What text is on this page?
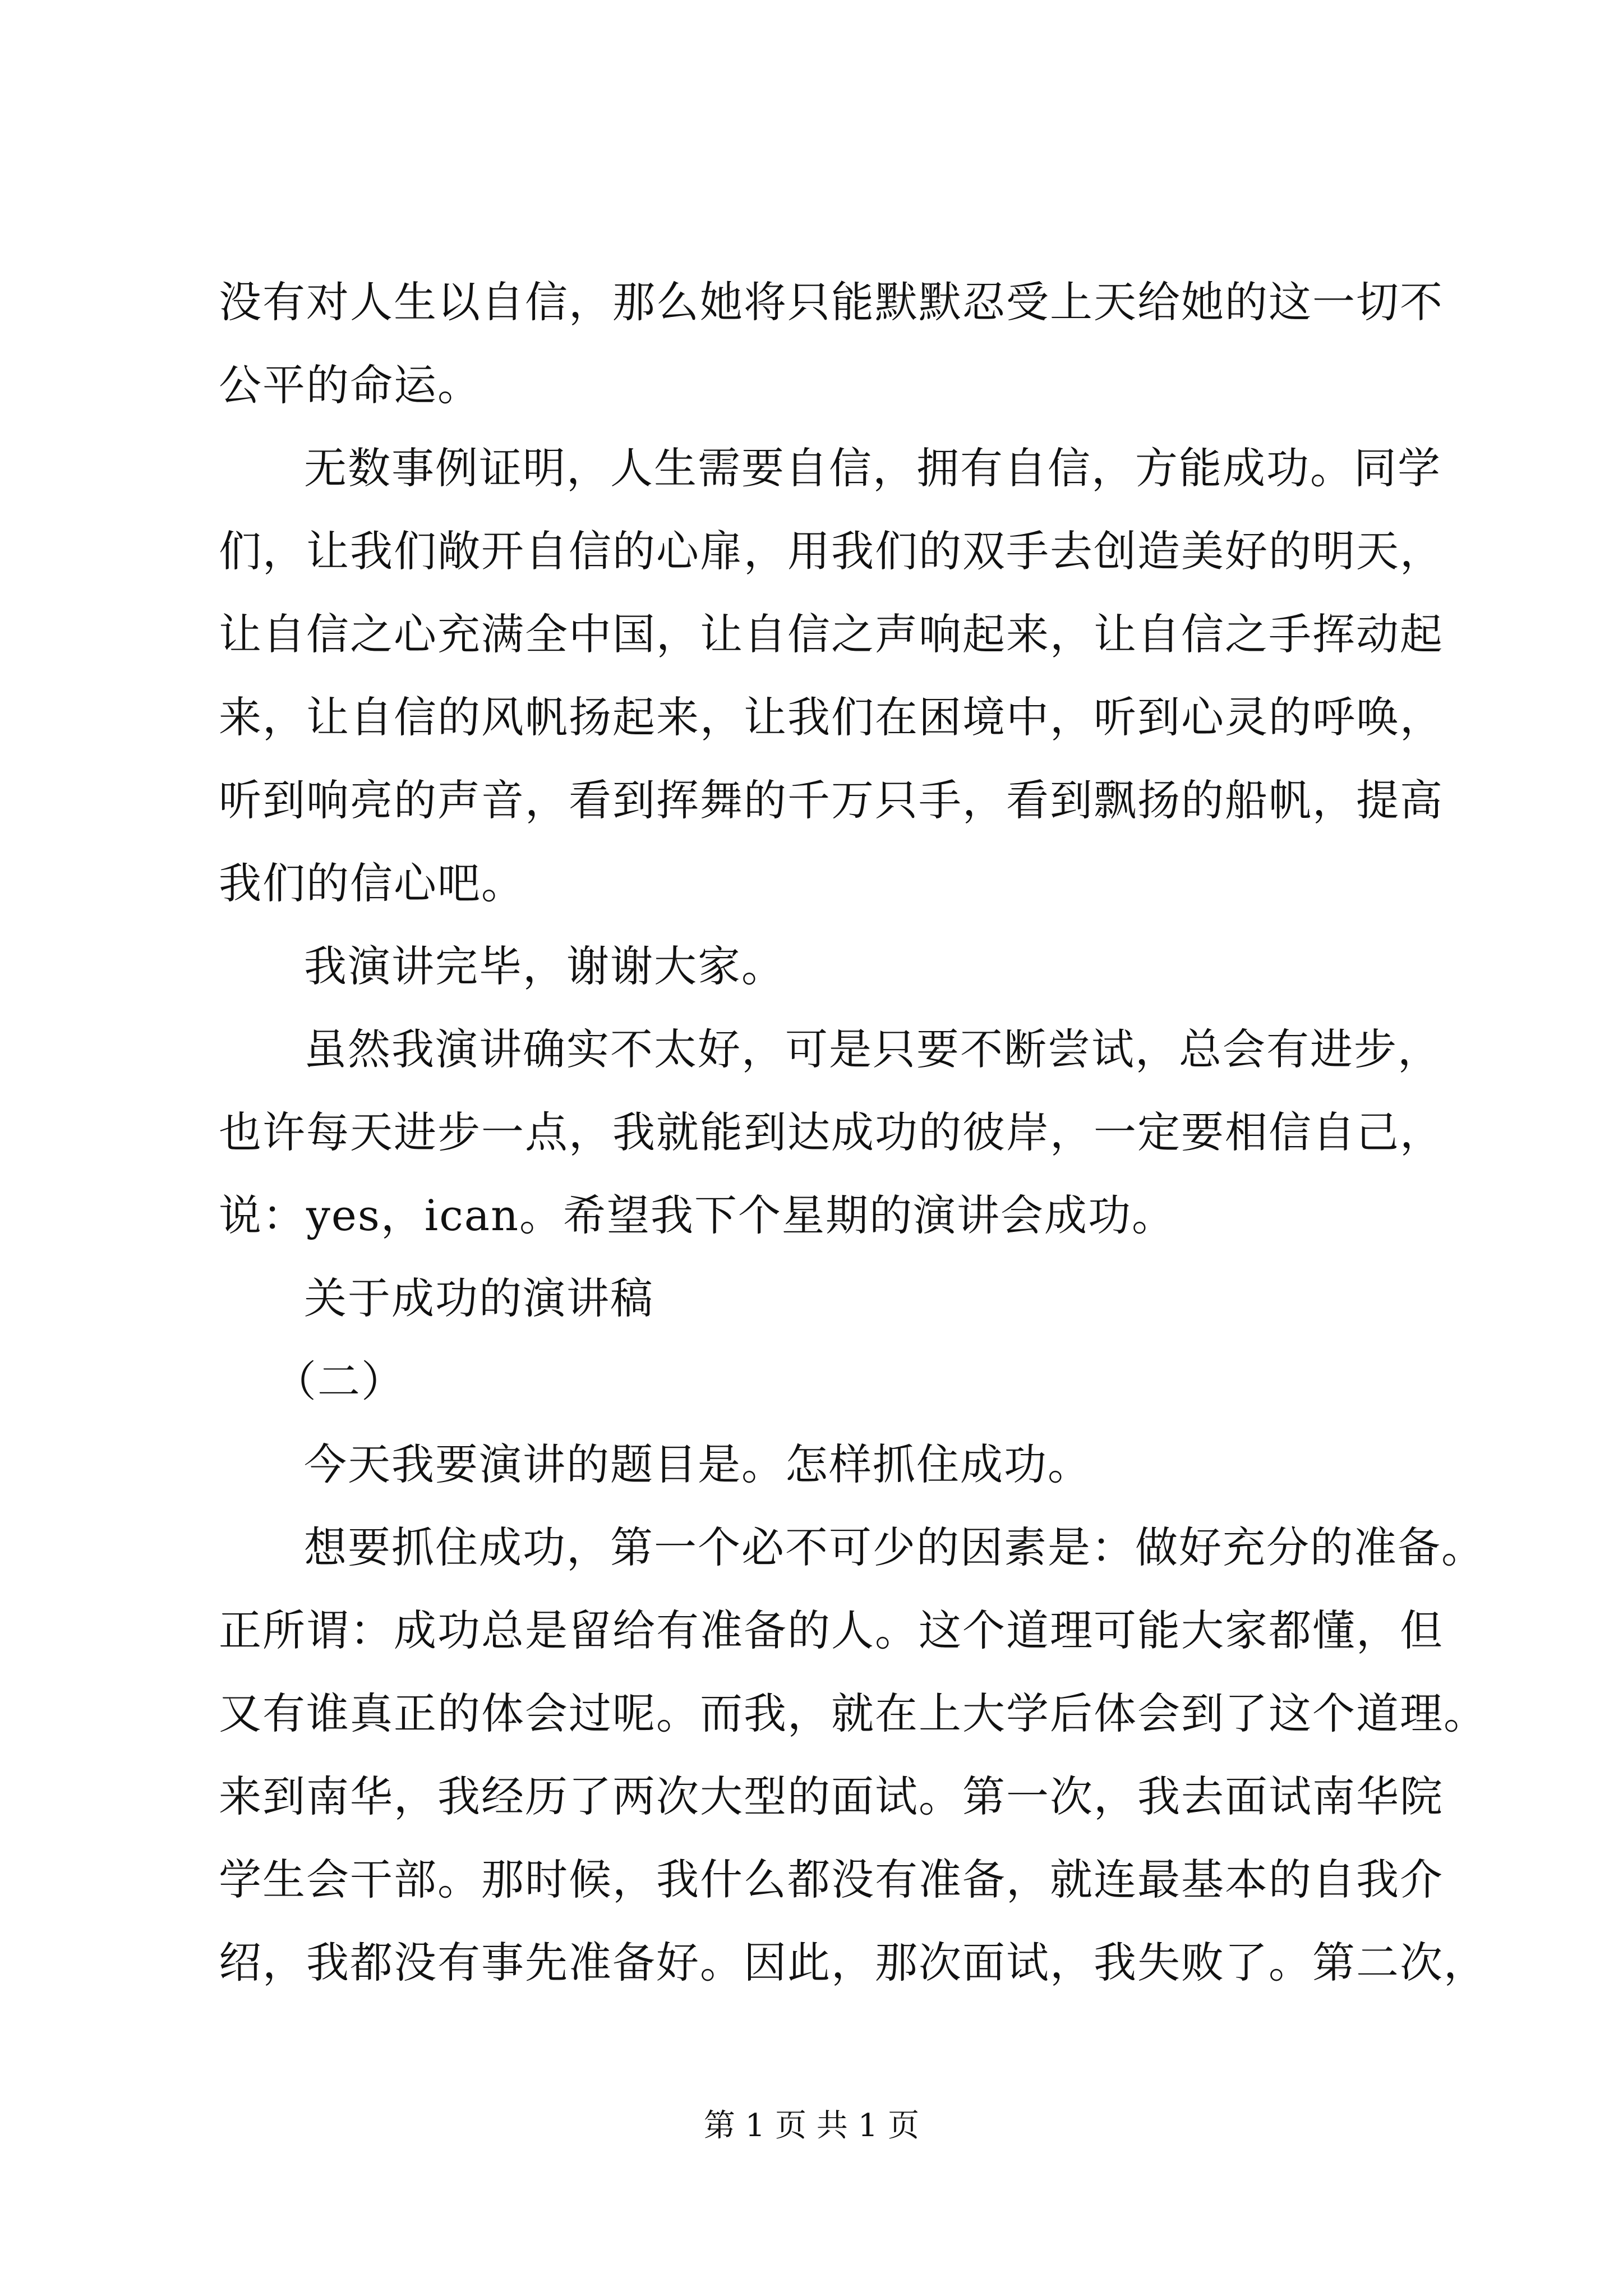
没有对人生以自信，那么她将只能默默忍受上天给她的这一切不
公平的命运。
无数事例证明，人生需要自信，拥有自信，方能成功。同学
们，让我们敞开自信的心扉，用我们的双手去创造美好的明天，
让自信之心充满全中国，让自信之声响起来，让自信之手挥动起
来，让自信的风帆扬起来，让我们在困境中，听到心灵的呼唤，
听到响亮的声音，看到挥舞的千万只手，看到飘扬的船帆，提高
我们的信心吧。
我演讲完毕，谢谢大家。
虽然我演讲确实不太好，可是只要不断尝试，总会有进步，
也许每天进步一点，我就能到达成功的彼岸，一定要相信自己，
说：yes，ican。希望我下个星期的演讲会成功。
关于成功的演讲稿
（二）
今天我要演讲的题目是。怎样抓住成功。
想要抓住成功，第一个必不可少的因素是：做好充分的准备。
正所谓：成功总是留给有准备的人。这个道理可能大家都懂，但
又有谁真正的体会过呢。而我，就在上大学后体会到了这个道理。
来到南华，我经历了两次大型的面试。第一次，我去面试南华院
学生会干部。那时候，我什么都没有准备，就连最基本的自我介
绍，我都没有事先准备好。因此，那次面试，我失败了。第二次，
第 1 页 共 1 页
